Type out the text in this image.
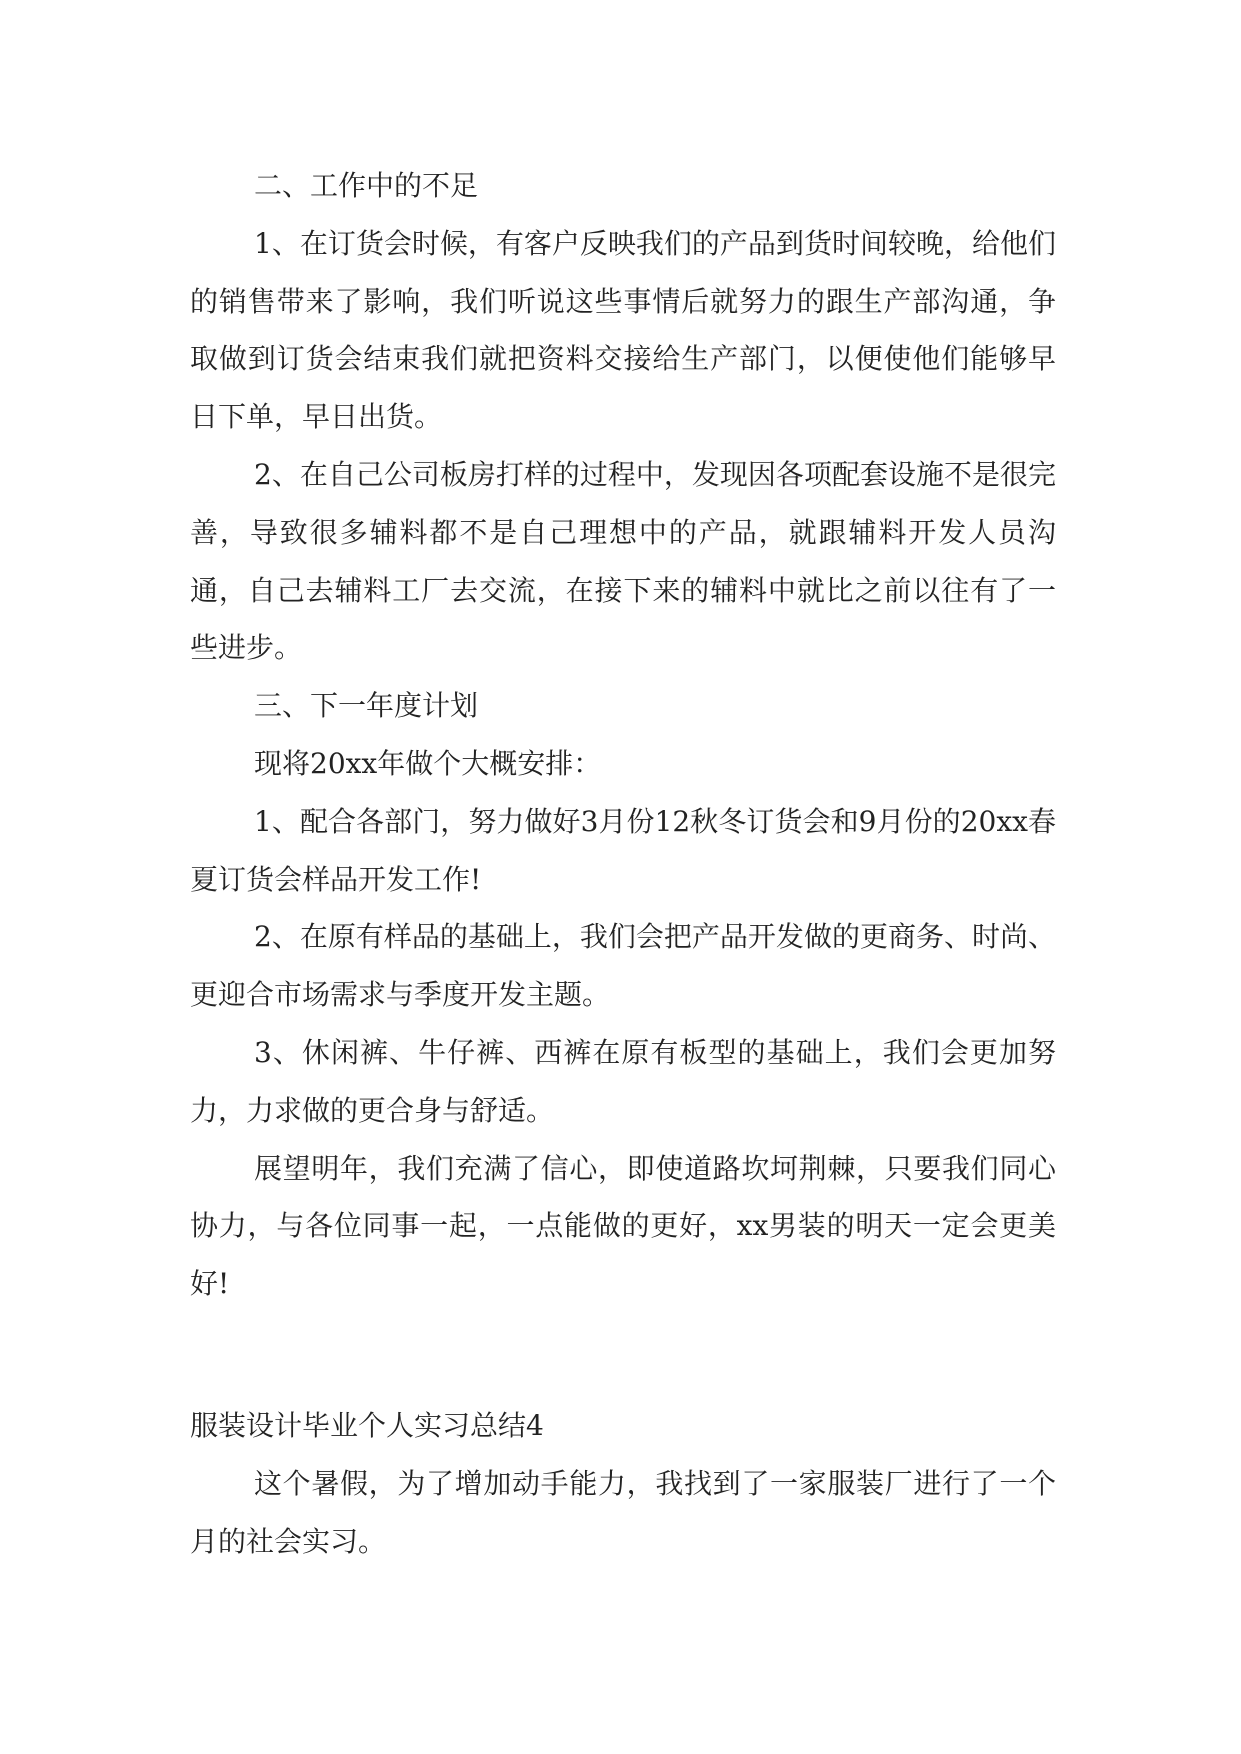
二、工作中的不足

1、在订货会时候，有客户反映我们的产品到货时间较晚，给他们的销售带来了影响，我们听说这些事情后就努力的跟生产部沟通，争取做到订货会结束我们就把资料交接给生产部门，以便使他们能够早日下单，早日出货。

2、在自己公司板房打样的过程中，发现因各项配套设施不是很完善，导致很多辅料都不是自己理想中的产品，就跟辅料开发人员沟通，自己去辅料工厂去交流，在接下来的辅料中就比之前以往有了一些进步。

三、下一年度计划

现将20xx年做个大概安排：

1、配合各部门，努力做好3月份12秋冬订货会和9月份的20xx春夏订货会样品开发工作!

2、在原有样品的基础上，我们会把产品开发做的更商务、时尚、更迎合市场需求与季度开发主题。

3、休闲裤、牛仔裤、西裤在原有板型的基础上，我们会更加努力，力求做的更合身与舒适。

展望明年，我们充满了信心，即使道路坎坷荆棘，只要我们同心协力，与各位同事一起，一点能做的更好，xx男装的明天一定会更美好!

服装设计毕业个人实习总结4

这个暑假，为了增加动手能力，我找到了一家服装厂进行了一个月的社会实习。
